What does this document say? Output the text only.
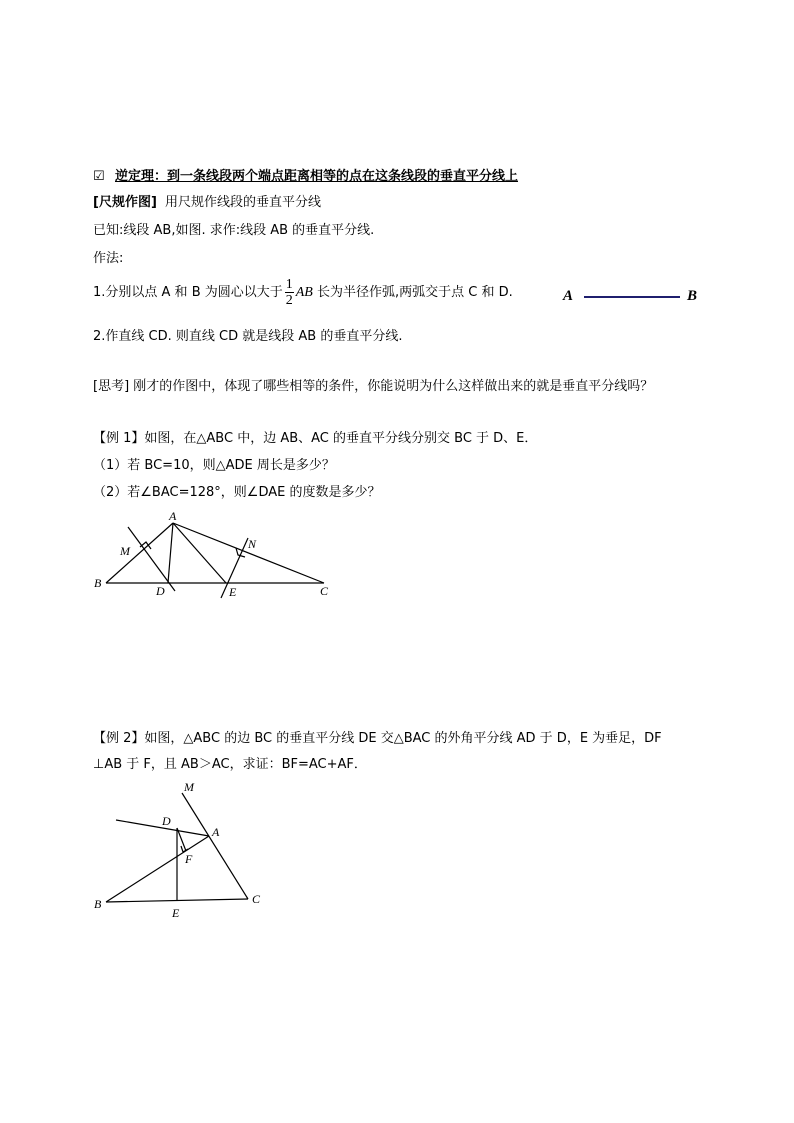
☑ 逆定理：到一条线段两个端点距离相等的点在这条线段的垂直平分线上
[尺规作图] 用尺规作线段的垂直平分线
已知:线段 AB,如图. 求作:线段 AB 的垂直平分线.
作法:
1.分别以点 A 和 B 为圆心以大于 $\frac{1}{2}$ AB 长为半径作弧,两弧交于点 C 和 D.	A	B
2.作直线 CD. 则直线 CD 就是线段 AB 的垂直平分线.
[思考] 刚才的作图中，体现了哪些相等的条件，你能说明为什么这样做出来的就是垂直平分线吗？
【例 1】如图，在△ABC 中，边 AB、AC 的垂直平分线分别交 BC 于 D、E．
（1）若 BC=10，则△ADE 周长是多少？
（2）若∠BAC=128°，则∠DAE 的度数是多少？
A
B
C
D	E
M	N
【例 2】如图，△ABC 的边 BC 的垂直平分线 DE 交△BAC 的外角平分线 AD 于 D，E 为垂足，DF
⊥AB 于 F，且 AB＞AC，求证：BF=AC+AF．
M
D
A
F
B
E
C
